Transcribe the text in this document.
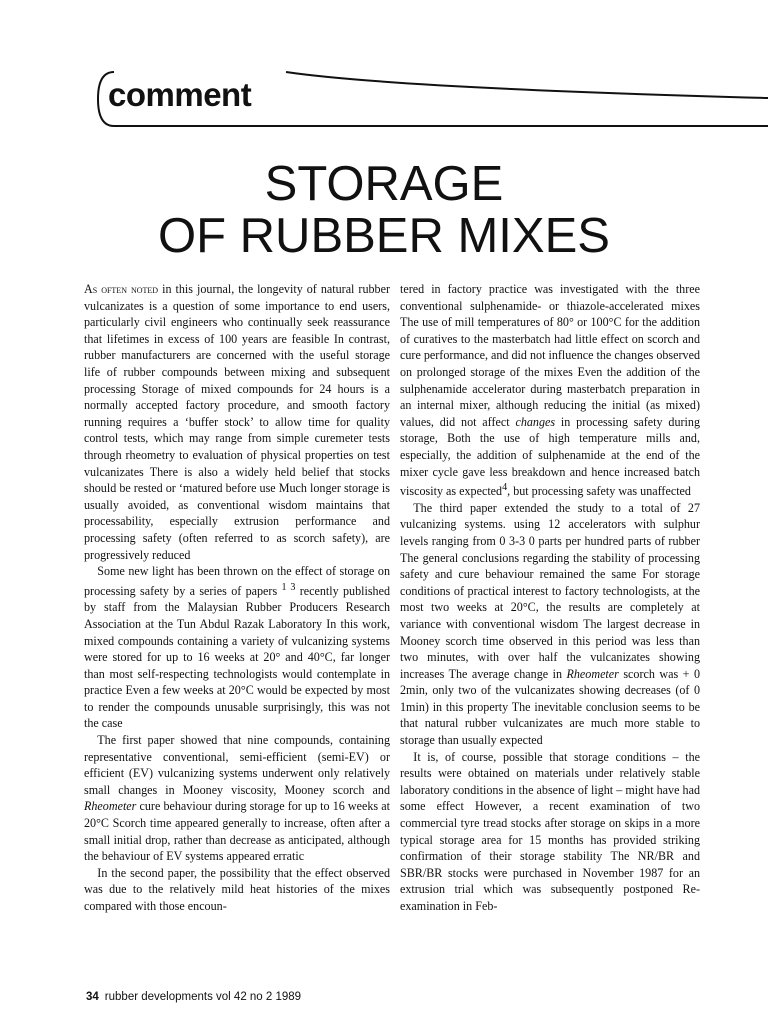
comment
STORAGE
OF RUBBER MIXES

As often noted in this journal, the longevity of natural rubber vulcanizates is a question of some importance to end users, particularly civil engineers who continually seek reassurance that lifetimes in excess of 100 years are feasible In contrast, rubber manufacturers are concerned with the useful storage life of rubber compounds between mixing and subsequent processing Storage of mixed compounds for 24 hours is a normally accepted factory procedure, and smooth factory running requires a ‘buffer stock’ to allow time for quality control tests, which may range from simple curemeter tests through rheometry to evaluation of physical properties on test vulcanizates There is also a widely held belief that stocks should be rested or ‘matured before use Much longer storage is usually avoided, as conventional wisdom maintains that processability, especially extrusion performance and processing safety (often referred to as scorch safety), are progressively reduced

Some new light has been thrown on the effect of storage on processing safety by a series of papers $^{1 3}$ recently published by staff from the Malaysian Rubber Producers Research Association at the Tun Abdul Razak Laboratory In this work, mixed compounds containing a variety of vulcanizing systems were stored for up to 16 weeks at 20° and 40°C, far longer than most self-respecting technologists would contemplate in practice Even a few weeks at 20°C would be expected by most to render the compounds unusable surprisingly, this was not the case

The first paper showed that nine compounds, containing representative conventional, semi-efficient (semi-EV) or efficient (EV) vulcanizing systems underwent only relatively small changes in Mooney viscosity, Mooney scorch and Rheometer cure behaviour during storage for up to 16 weeks at 20°C Scorch time appeared generally to increase, often after a small initial drop, rather than decrease as anticipated, although the behaviour of EV systems appeared erratic

In the second paper, the possibility that the effect observed was due to the relatively mild heat histories of the mixes compared with those encoun-

tered in factory practice was investigated with the three conventional sulphenamide- or thiazole-accelerated mixes The use of mill temperatures of 80° or 100°C for the addition of curatives to the masterbatch had little effect on scorch and cure performance, and did not influence the changes observed on prolonged storage of the mixes Even the addition of the sulphenamide accelerator during masterbatch preparation in an internal mixer, although reducing the initial (as mixed) values, did not affect changes in processing safety during storage, Both the use of high temperature mills and, especially, the addition of sulphenamide at the end of the mixer cycle gave less breakdown and hence increased batch viscosity as expected$^4$, but processing safety was unaffected

The third paper extended the study to a total of 27 vulcanizing systems. using 12 accelerators with sulphur levels ranging from 0 3-3 0 parts per hundred parts of rubber The general conclusions regarding the stability of processing safety and cure behaviour remained the same For storage conditions of practical interest to factory technologists, at the most two weeks at 20°C, the results are completely at variance with conventional wisdom The largest decrease in Mooney scorch time observed in this period was less than two minutes, with over half the vulcanizates showing increases The average change in Rheometer scorch was + 0 2min, only two of the vulcanizates showing decreases (of 0 1min) in this property The inevitable conclusion seems to be that natural rubber vulcanizates are much more stable to storage than usually expected

It is, of course, possible that storage conditions – the results were obtained on materials under relatively stable laboratory conditions in the absence of light – might have had some effect However, a recent examination of two commercial tyre tread stocks after storage on skips in a more typical storage area for 15 months has provided striking confirmation of their storage stability The NR/BR and SBR/BR stocks were purchased in November 1987 for an extrusion trial which was subsequently postponed Re-examination in Feb-

34 rubber developments vol 42 no 2 1989
